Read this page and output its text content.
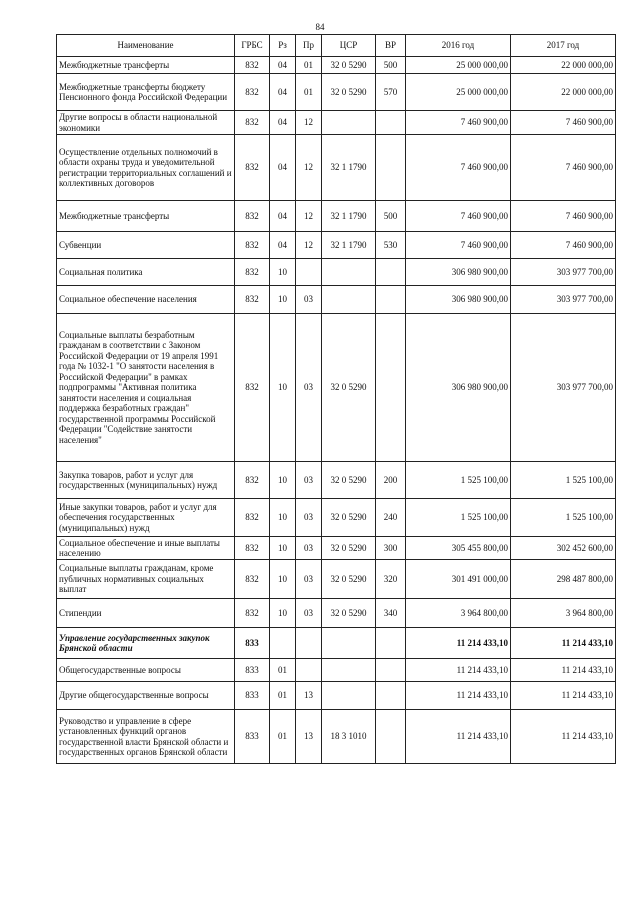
84
Наименование	ГРБС	Рз	Пр	ЦСР	ВР	2016 год	2017 год
Межбюджетные трансферты	832	04	01	32 0 5290	500	25 000 000,00	22 000 000,00
Межбюджетные трансферты бюджету Пенсионного фонда Российской Федерации	832	04	01	32 0 5290	570	25 000 000,00	22 000 000,00
Другие вопросы в области национальной экономики	832	04	12			7 460 900,00	7 460 900,00
Осуществление отдельных полномочий в области охраны труда и уведомительной регистрации территориальных соглашений и коллективных договоров	832	04	12	32 1 1790		7 460 900,00	7 460 900,00
Межбюджетные трансферты	832	04	12	32 1 1790	500	7 460 900,00	7 460 900,00
Субвенции	832	04	12	32 1 1790	530	7 460 900,00	7 460 900,00
Социальная политика	832	10				306 980 900,00	303 977 700,00
Социальное обеспечение населения	832	10	03			306 980 900,00	303 977 700,00
Социальные выплаты безработным гражданам в соответствии с Законом Российской Федерации от 19 апреля 1991 года № 1032-1 "О занятости населения в Российской Федерации" в рамках подпрограммы "Активная политика занятости населения и социальная поддержка безработных граждан" государственной программы Российской Федерации "Содействие занятости населения"	832	10	03	32 0 5290		306 980 900,00	303 977 700,00
Закупка товаров, работ и услуг для государственных (муниципальных) нужд	832	10	03	32 0 5290	200	1 525 100,00	1 525 100,00
Иные закупки товаров, работ и услуг для обеспечения государственных (муниципальных) нужд	832	10	03	32 0 5290	240	1 525 100,00	1 525 100,00
Социальное обеспечение и иные выплаты населению	832	10	03	32 0 5290	300	305 455 800,00	302 452 600,00
Социальные выплаты гражданам, кроме публичных нормативных социальных выплат	832	10	03	32 0 5290	320	301 491 000,00	298 487 800,00
Стипендии	832	10	03	32 0 5290	340	3 964 800,00	3 964 800,00
Управление государственных закупок Брянской области	833					11 214 433,10	11 214 433,10
Общегосударственные вопросы	833	01				11 214 433,10	11 214 433,10
Другие общегосударственные вопросы	833	01	13			11 214 433,10	11 214 433,10
Руководство и управление в сфере установленных функций органов государственной власти Брянской области и государственных органов Брянской области	833	01	13	18 3 1010		11 214 433,10	11 214 433,10
